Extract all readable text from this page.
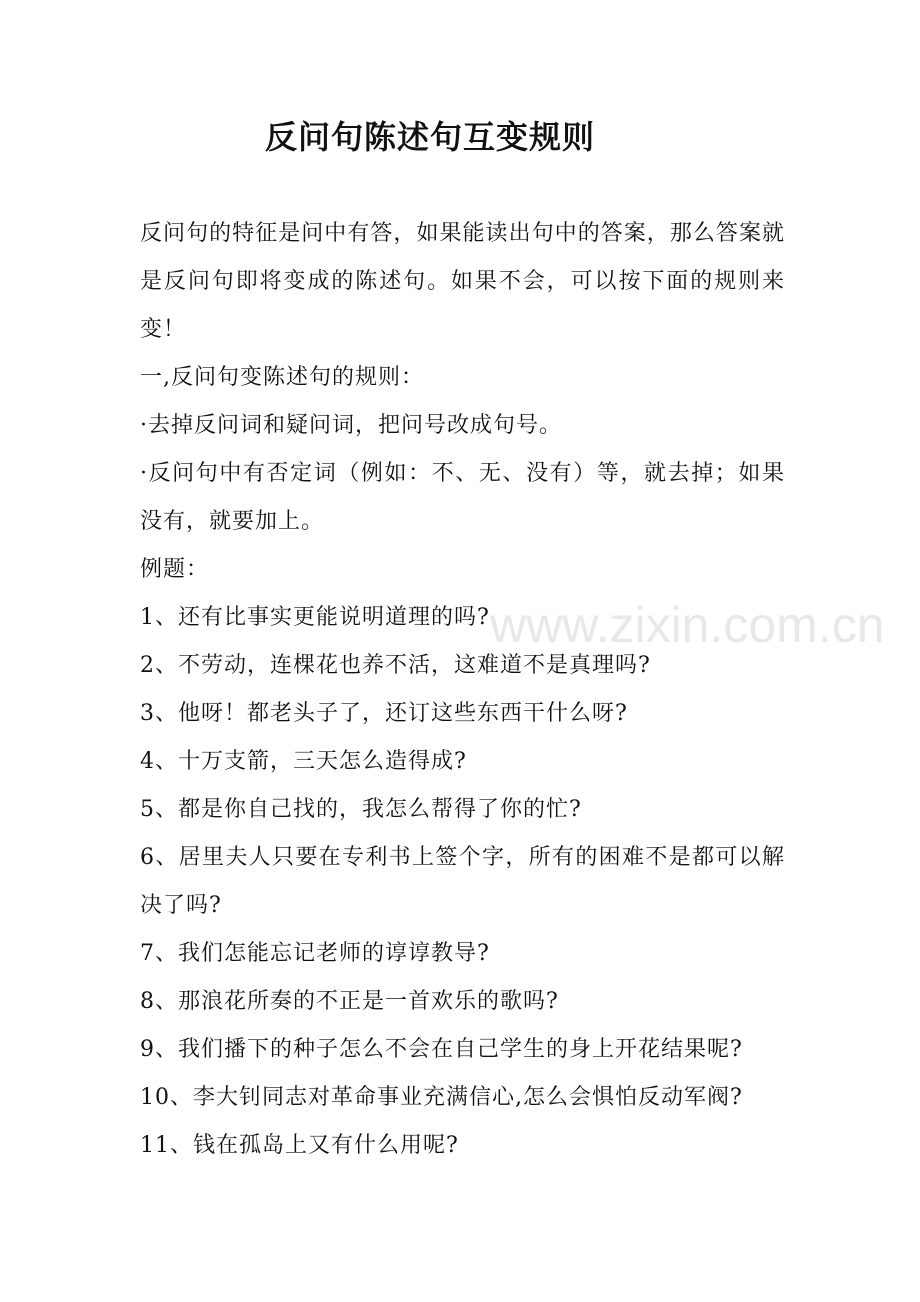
反问句陈述句互变规则

反问句的特征是问中有答，如果能读出句中的答案，那么答案就是反问句即将变成的陈述句。如果不会，可以按下面的规则来变！

一,反问句变陈述句的规则：

·去掉反问词和疑问词，把问号改成句号。

·反问句中有否定词（例如：不、无、没有）等，就去掉；如果没有，就要加上。

例题：

1、还有比事实更能说明道理的吗?

2、不劳动，连棵花也养不活，这难道不是真理吗?

3、他呀！都老头子了，还订这些东西干什么呀?

4、十万支箭，三天怎么造得成?

5、都是你自己找的，我怎么帮得了你的忙?

6、居里夫人只要在专利书上签个字，所有的困难不是都可以解决了吗?

7、我们怎能忘记老师的谆谆教导?

8、那浪花所奏的不正是一首欢乐的歌吗?

9、我们播下的种子怎么不会在自己学生的身上开花结果呢?

10、李大钊同志对革命事业充满信心,怎么会惧怕反动军阀?

11、钱在孤岛上又有什么用呢?

www.zixin.com.cn
